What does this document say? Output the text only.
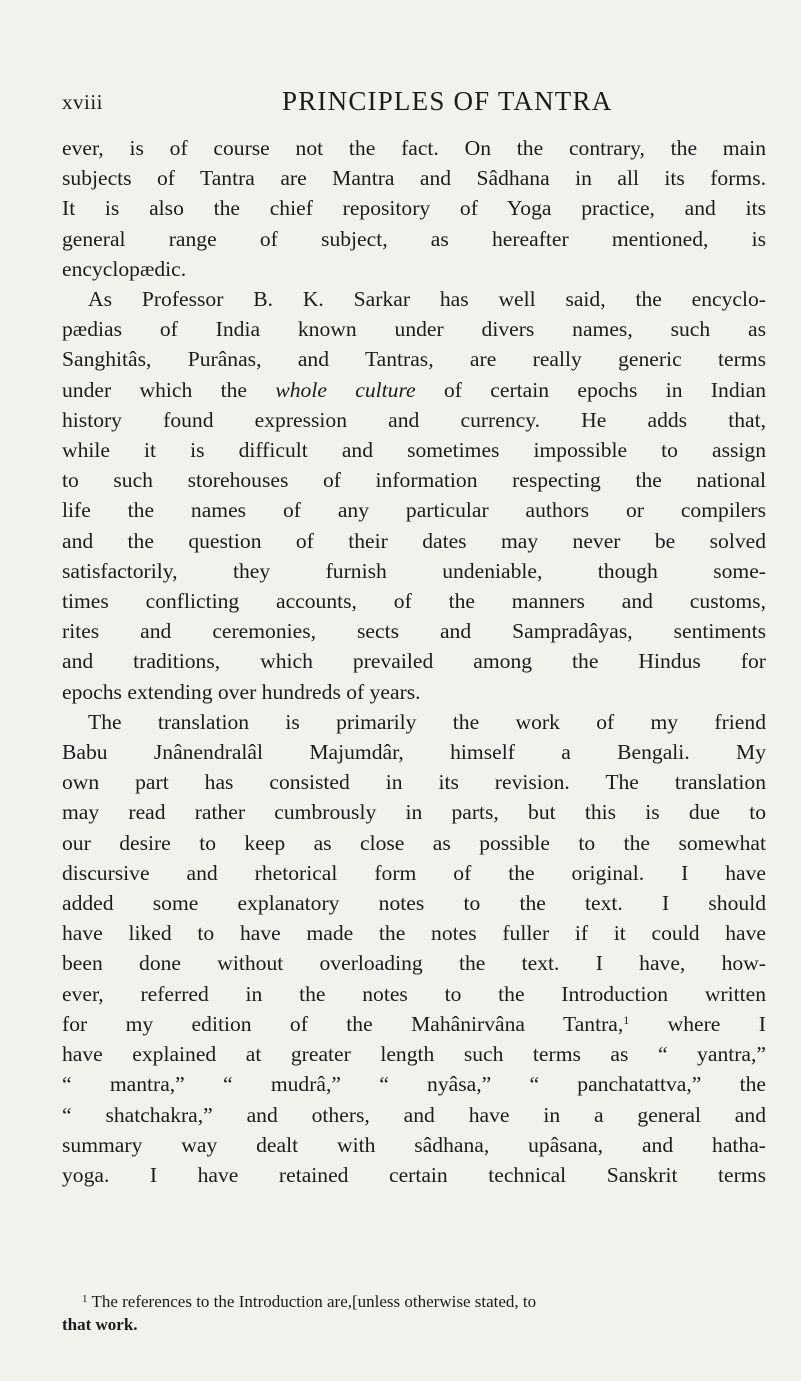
xviii	PRINCIPLES OF TANTRA
ever, is of course not the fact. On the contrary, the main
subjects of Tantra are Mantra and Sâdhana in all its forms.
It is also the chief repository of Yoga practice, and its
general range of subject, as hereafter mentioned, is
encyclopædic.
As Professor B. K. Sarkar has well said, the encyclo-
pædias of India known under divers names, such as
Sanghitâs, Purânas, and Tantras, are really generic terms
under which the whole culture of certain epochs in Indian
history found expression and currency. He adds that,
while it is difficult and sometimes impossible to assign
to such storehouses of information respecting the national
life the names of any particular authors or compilers
and the question of their dates may never be solved
satisfactorily, they furnish undeniable, though some-
times conflicting accounts, of the manners and customs,
rites and ceremonies, sects and Sampradâyas, sentiments
and traditions, which prevailed among the Hindus for
epochs extending over hundreds of years.
The translation is primarily the work of my friend
Babu Jnânendralâl Majumdâr, himself a Bengali. My
own part has consisted in its revision. The translation
may read rather cumbrously in parts, but this is due to
our desire to keep as close as possible to the somewhat
discursive and rhetorical form of the original. I have
added some explanatory notes to the text. I should
have liked to have made the notes fuller if it could have
been done without overloading the text. I have, how-
ever, referred in the notes to the Introduction written
for my edition of the Mahânirvâna Tantra,$^1$ where I
have explained at greater length such terms as “ yantra,”
“ mantra,” “ mudrâ,” “ nyâsa,” “ panchatattva,” the
“ shatchakra,” and others, and have in a general and
summary way dealt with sâdhana, upâsana, and hatha-
yoga. I have retained certain technical Sanskrit terms
$^1$ The references to the Introduction are,[unless otherwise stated, to
that work.
